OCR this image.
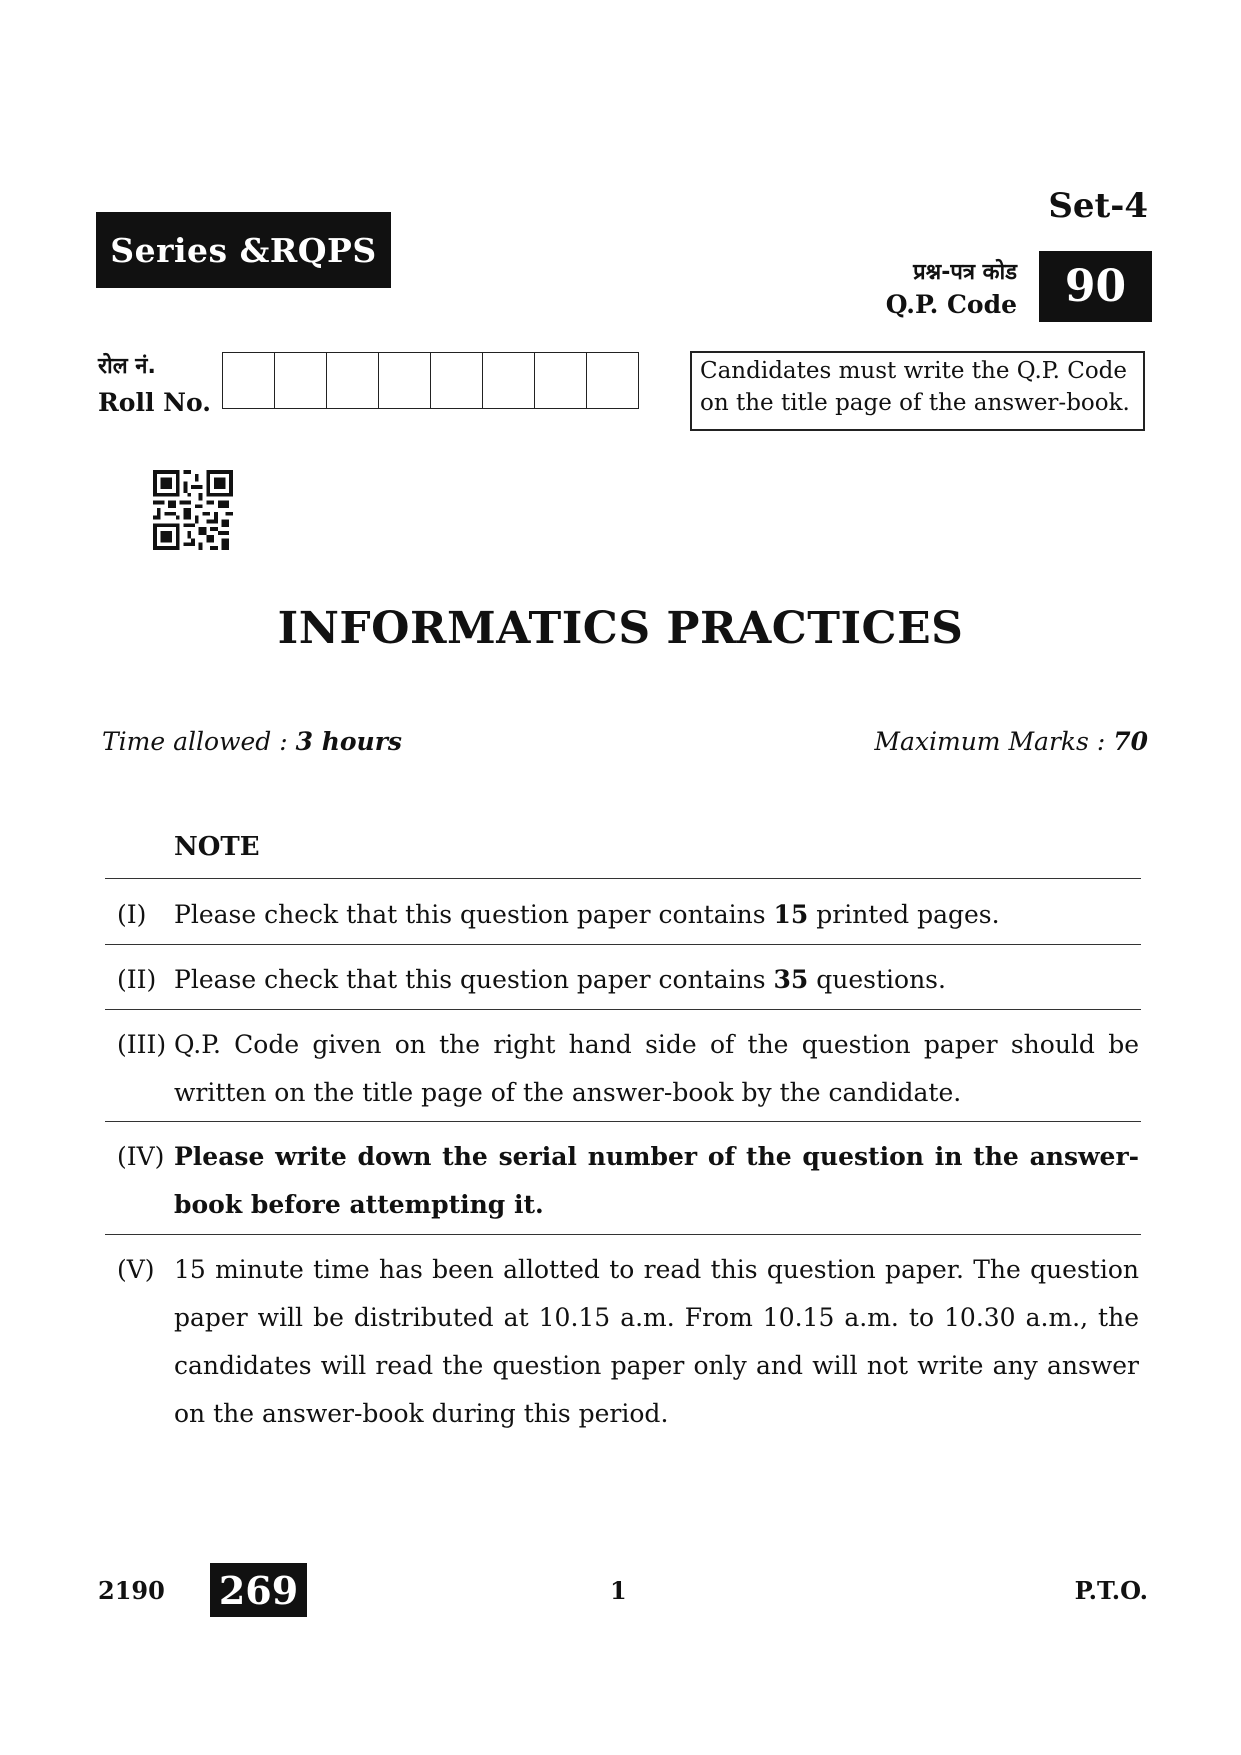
Series &RQPS
Set-4
प्रश्न-पत्र कोड
Q.P. Code	90
रोल नं.
Roll No.
Candidates must write the Q.P. Code
on the title page of the answer-book.
INFORMATICS PRACTICES
Time allowed : 3 hours	Maximum Marks : 70
NOTE
(I) Please check that this question paper contains 15 printed pages.
(II) Please check that this question paper contains 35 questions.
(III) Q.P. Code given on the right hand side of the question paper should be written on the title page of the answer-book by the candidate.
(IV) Please write down the serial number of the question in the answer-book before attempting it.
(V) 15 minute time has been allotted to read this question paper. The question paper will be distributed at 10.15 a.m. From 10.15 a.m. to 10.30 a.m., the candidates will read the question paper only and will not write any answer on the answer-book during this period.
2190 269	1	P.T.O.
